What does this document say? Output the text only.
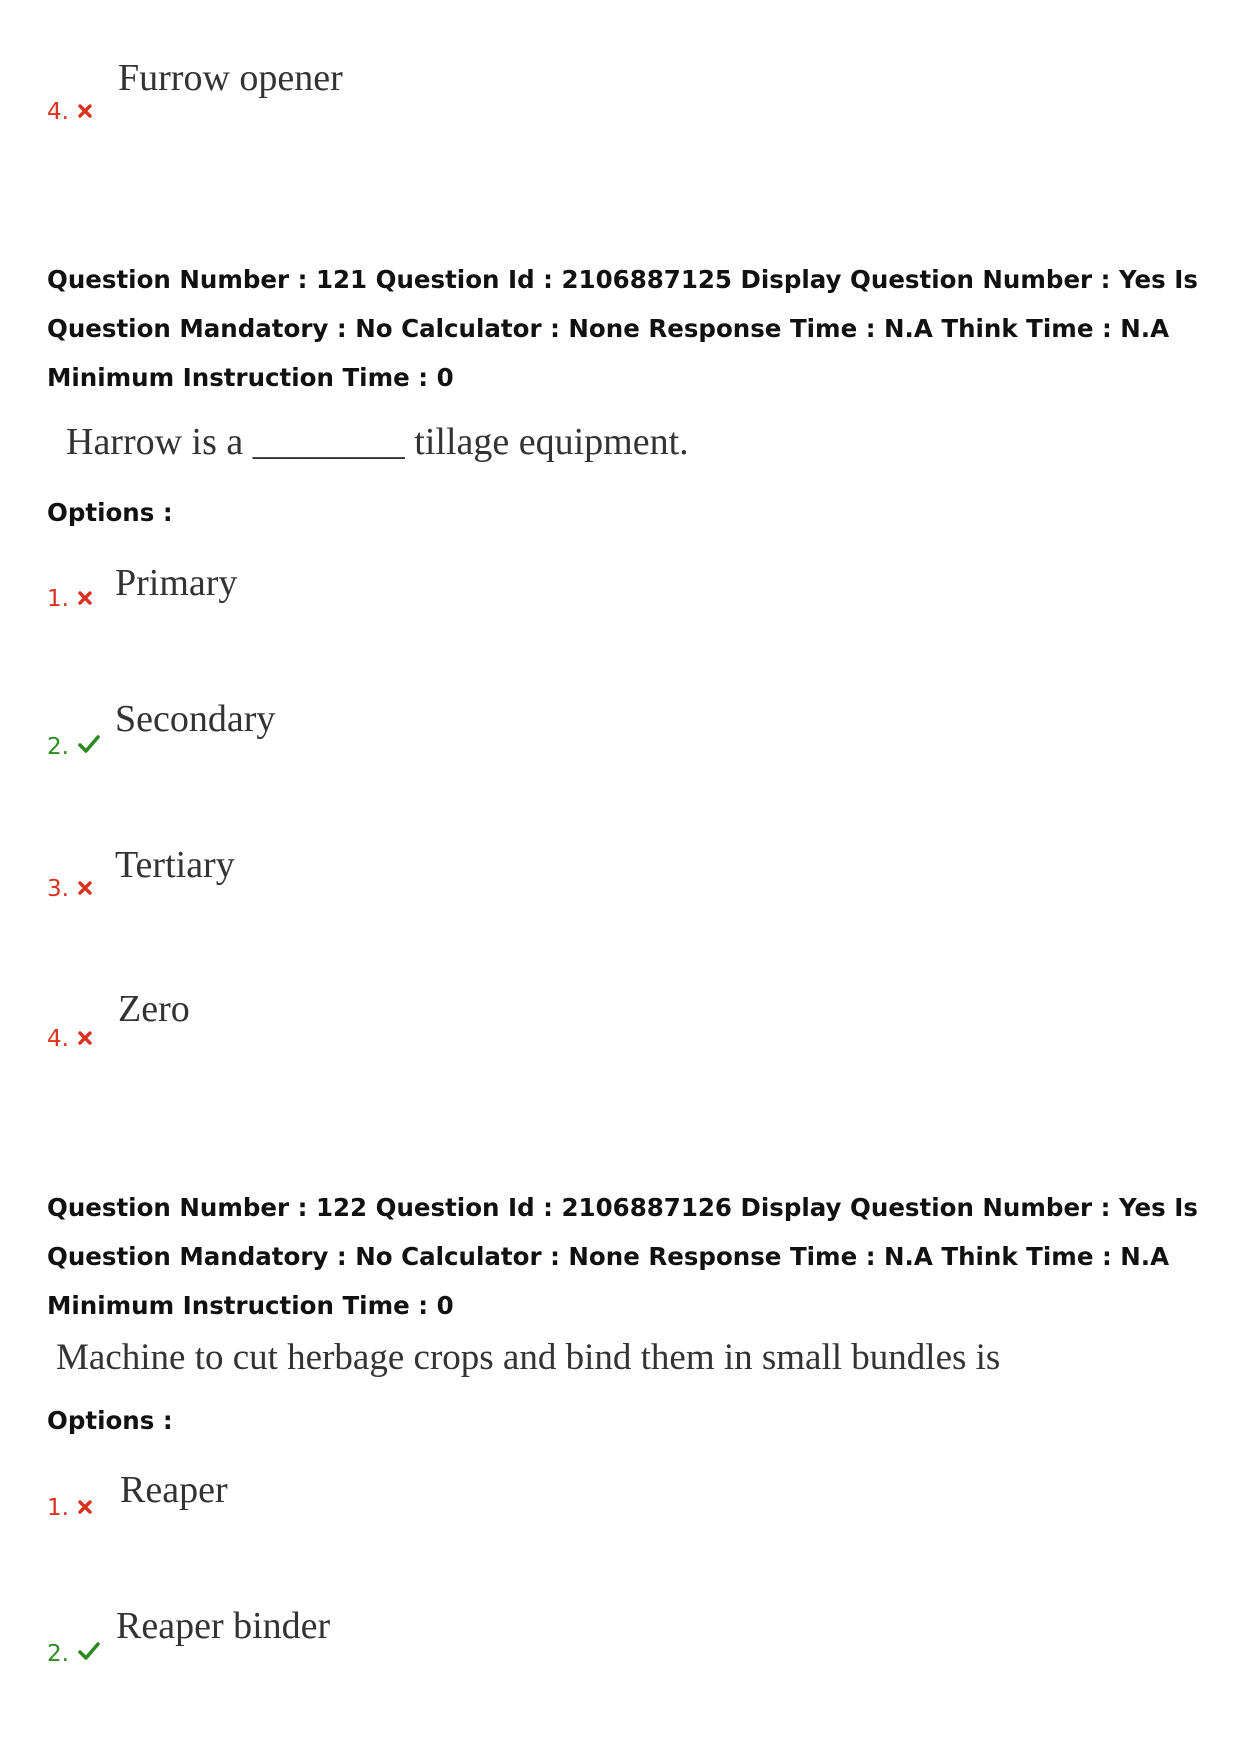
4.
Furrow opener
Question Number : 121 Question Id : 2106887125 Display Question Number : Yes Is Question Mandatory : No Calculator : None Response Time : N.A Think Time : N.A Minimum Instruction Time : 0
Harrow is a ________ tillage equipment.
Options :
1.	Primary
2.
Secondary
3.
Tertiary
4.
Zero
Question Number : 122 Question Id : 2106887126 Display Question Number : Yes Is Question Mandatory : No Calculator : None Response Time : N.A Think Time : N.A Minimum Instruction Time : 0
Machine to cut herbage crops and bind them in small bundles is
Options :
1.	Reaper
2.
Reaper binder
